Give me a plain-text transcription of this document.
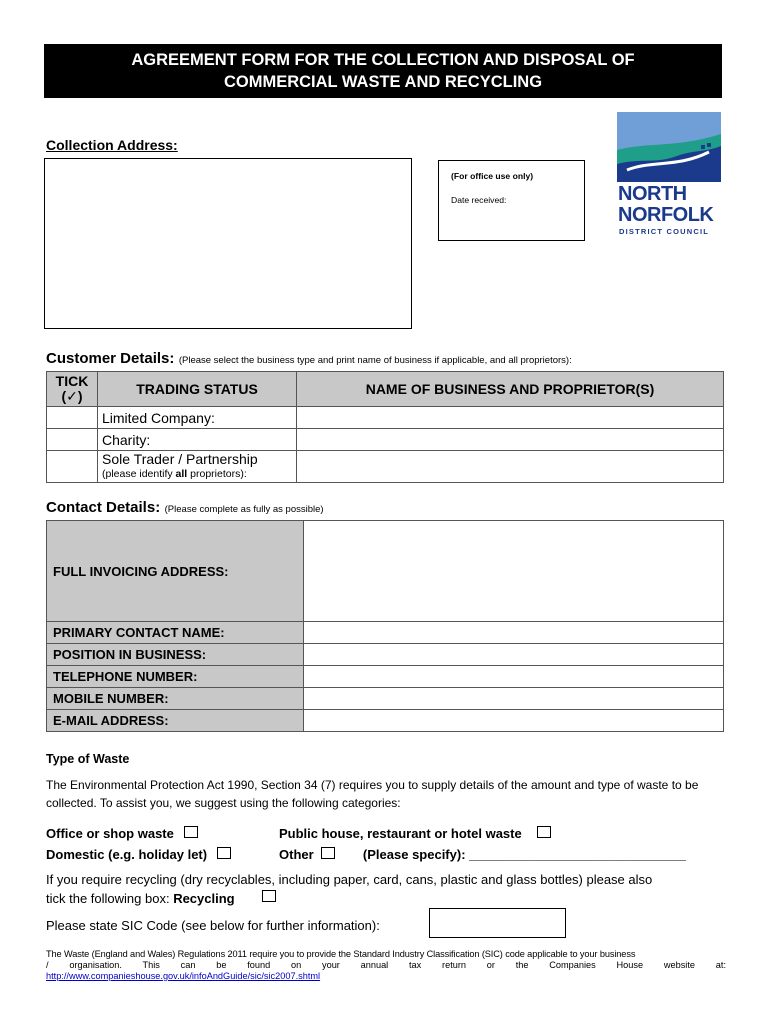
AGREEMENT FORM FOR THE COLLECTION AND DISPOSAL OF
COMMERCIAL WASTE AND RECYCLING
Collection Address:
(For office use only)
Date received:	NORTH
NORFOLK
DISTRICT COUNCIL
Customer Details: (Please select the business type and print name of business if applicable, and all proprietors):
TICK
(✓)	TRADING STATUS	NAME OF BUSINESS AND PROPRIETOR(S)
	Limited Company:	
	Charity:	

	Sole Trader / Partnership
(please identify all proprietors):	

Contact Details: (Please complete as fully as possible)
FULL INVOICING ADDRESS:	
PRIMARY CONTACT NAME:	
POSITION IN BUSINESS:	
TELEPHONE NUMBER:	
MOBILE NUMBER:	
E-MAIL ADDRESS:	
Type of Waste
The Environmental Protection Act 1990, Section 34 (7) requires you to supply details of the amount and type of waste to be collected. To assist you, we suggest using the following categories:
Office or shop waste	Public house, restaurant or hotel waste
Domestic (e.g. holiday let)	Other	(Please specify): ______________________________
If you require recycling (dry recyclables, including paper, card, cans, plastic and glass bottles) please also
tick the following box: Recycling
Please state SIC Code (see below for further information):
The Waste (England and Wales) Regulations 2011 require you to provide the Standard Industry Classification (SIC) code applicable to your business
/ organisation. This can be found on your annual tax return or the Companies House website at:
http://www.companieshouse.gov.uk/infoAndGuide/sic/sic2007.shtml
